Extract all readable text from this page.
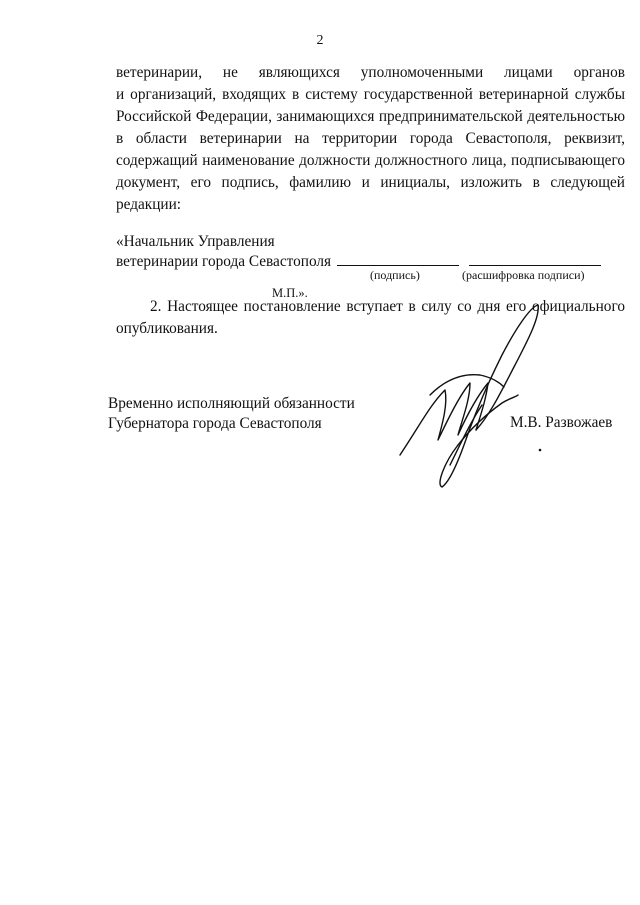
2
ветеринарии, не являющихся уполномоченными лицами органов
и организаций, входящих в систему государственной ветеринарной службы
Российской Федерации, занимающихся предпринимательской деятельностью
в области ветеринарии на территории города Севастополя, реквизит,
содержащий наименование должности должностного лица, подписывающего
документ, его подпись, фамилию и инициалы, изложить в следующей
редакции:
«Начальник Управления
ветеринарии города Севастополя
(подпись)	(расшифровка подписи)
М.П.».
2. Настоящее постановление вступает в силу со дня его официального
опубликования.
Временно исполняющий обязанности
Губернатора города Севастополя	М.В. Развожаев
